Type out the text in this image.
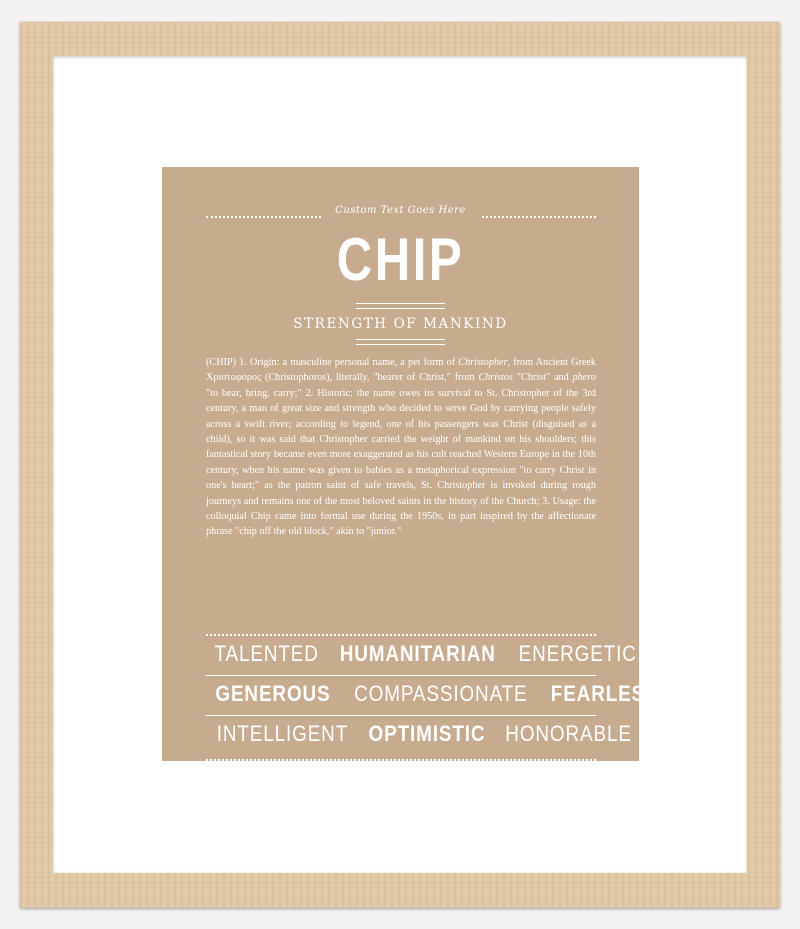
Custom Text Goes Here
CHIP
STRENGTH OF MANKIND
(CHIP) 1. Origin: a masculine personal name, a pet form of Christopher, from Ancient Greek Χριστοφορος (Christophoros), literally, "bearer of Christ," from Christos "Christ" and phero "to bear, bring, carry;" 2. Historic: the name owes its survival to St. Christopher of the 3rd century, a man of great size and strength who decided to serve God by carrying people safely across a swift river; according to legend, one of his passengers was Christ (disguised as a child), so it was said that Christopher carried the weight of mankind on his shoulders; this fantastical story became even more exaggerated as his cult reached Western Europe in the 10th century, when his name was given to babies as a metaphorical expression "to carry Christ in one's heart;" as the patron saint of safe travels, St. Christopher is invoked during rough journeys and remains one of the most beloved saints in the history of the Church; 3. Usage: the colloquial Chip came into formal use during the 1950s, in part inspired by the affectionate phrase "chip off the old block," akin to "junior."
TALENTED HUMANITARIAN ENERGETIC
GENEROUS COMPASSIONATE FEARLESS
INTELLIGENT OPTIMISTIC HONORABLE
